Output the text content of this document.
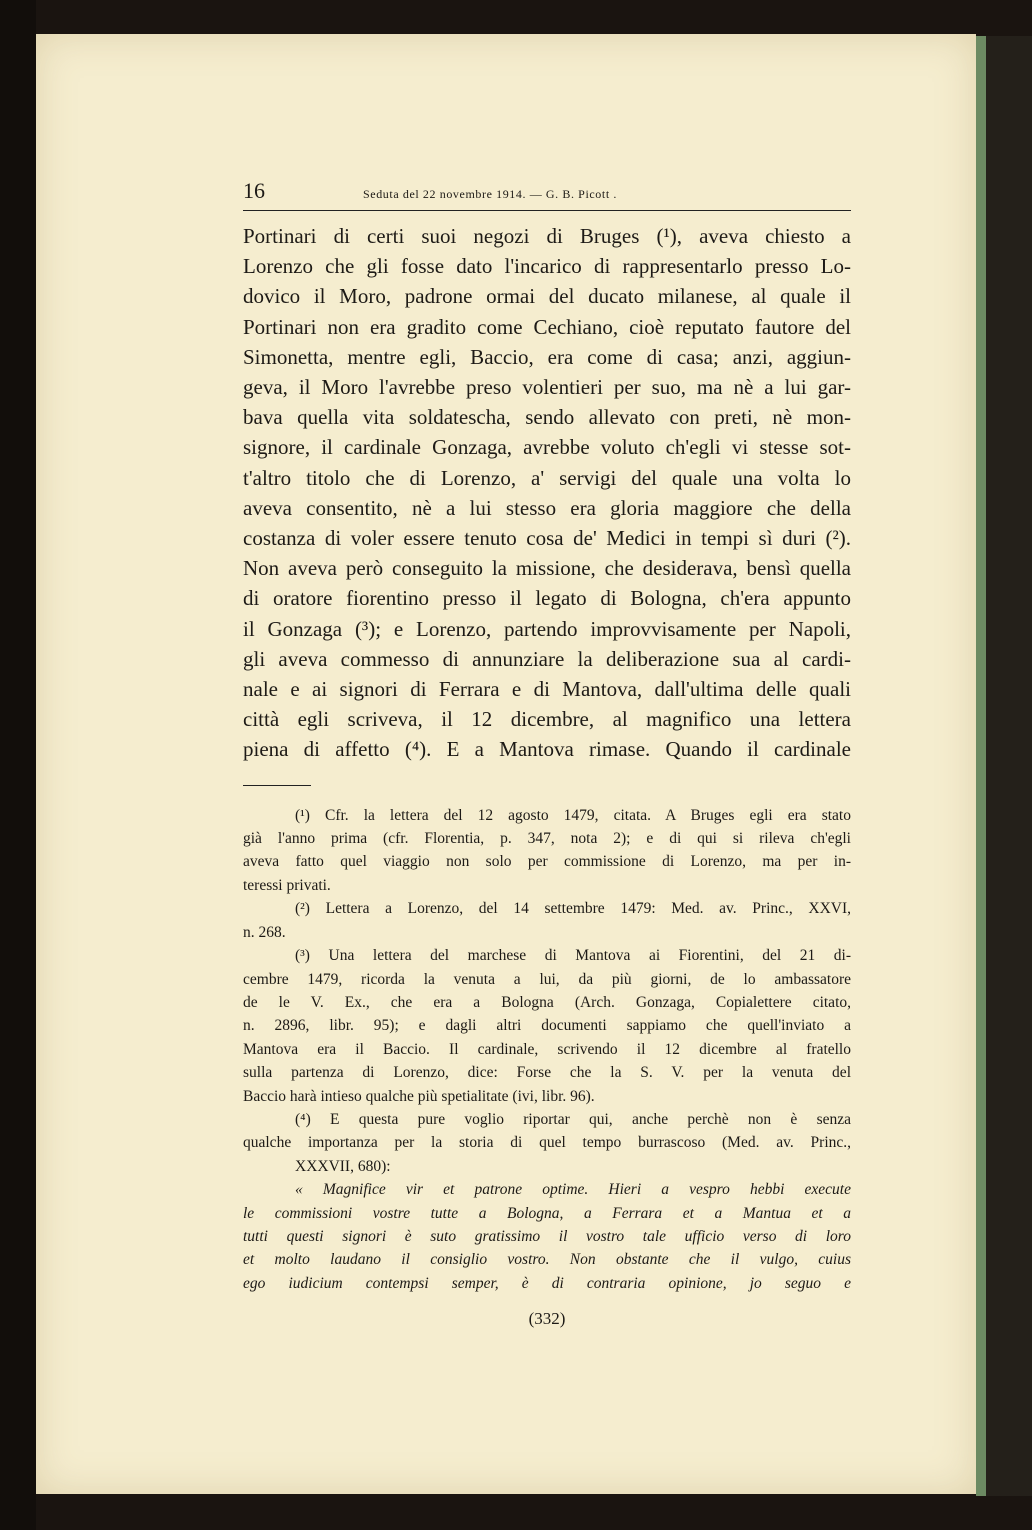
16	Seduta del 22 novembre 1914. — G. B. Picott .
Portinari di certi suoi negozi di Bruges (¹), aveva chiesto a
Lorenzo che gli fosse dato l'incarico di rappresentarlo presso Lo-
dovico il Moro, padrone ormai del ducato milanese, al quale il
Portinari non era gradito come Cechiano, cioè reputato fautore del
Simonetta, mentre egli, Baccio, era come di casa; anzi, aggiun-
geva, il Moro l'avrebbe preso volentieri per suo, ma nè a lui gar-
bava quella vita soldatescha, sendo allevato con preti, nè mon-
signore, il cardinale Gonzaga, avrebbe voluto ch'egli vi stesse sot-
t'altro titolo che di Lorenzo, a' servigi del quale una volta lo
aveva consentito, nè a lui stesso era gloria maggiore che della
costanza di voler essere tenuto cosa de' Medici in tempi sì duri (²).
Non aveva però conseguito la missione, che desiderava, bensì quella
di oratore fiorentino presso il legato di Bologna, ch'era appunto
il Gonzaga (³); e Lorenzo, partendo improvvisamente per Napoli,
gli aveva commesso di annunziare la deliberazione sua al cardi-
nale e ai signori di Ferrara e di Mantova, dall'ultima delle quali
città egli scriveva, il 12 dicembre, al magnifico una lettera
piena di affetto (⁴). E a Mantova rimase. Quando il cardinale
(¹) Cfr. la lettera del 12 agosto 1479, citata. A Bruges egli era stato
già l'anno prima (cfr. Florentia, p. 347, nota 2); e di qui si rileva ch'egli
aveva fatto quel viaggio non solo per commissione di Lorenzo, ma per in-
teressi privati.
(²) Lettera a Lorenzo, del 14 settembre 1479: Med. av. Princ., XXVI,
n. 268.
(³) Una lettera del marchese di Mantova ai Fiorentini, del 21 di-
cembre 1479, ricorda la venuta a lui, da più giorni, de lo ambassatore
de le V. Ex., che era a Bologna (Arch. Gonzaga, Copialettere citato,
n. 2896, libr. 95); e dagli altri documenti sappiamo che quell'inviato a
Mantova era il Baccio. Il cardinale, scrivendo il 12 dicembre al fratello
sulla partenza di Lorenzo, dice: Forse che la S. V. per la venuta del
Baccio harà intieso qualche più spetialitate (ivi, libr. 96).
(⁴) E questa pure voglio riportar qui, anche perchè non è senza
qualche importanza per la storia di quel tempo burrascoso (Med. av. Princ.,
XXXVII, 680):
« Magnifice vir et patrone optime. Hieri a vespro hebbi execute
le commissioni vostre tutte a Bologna, a Ferrara et a Mantua et a
tutti questi signori è suto gratissimo il vostro tale ufficio verso di loro
et molto laudano il consiglio vostro. Non obstante che il vulgo, cuius
ego iudicium contempsi semper, è di contraria opinione, jo seguo e
(332)
